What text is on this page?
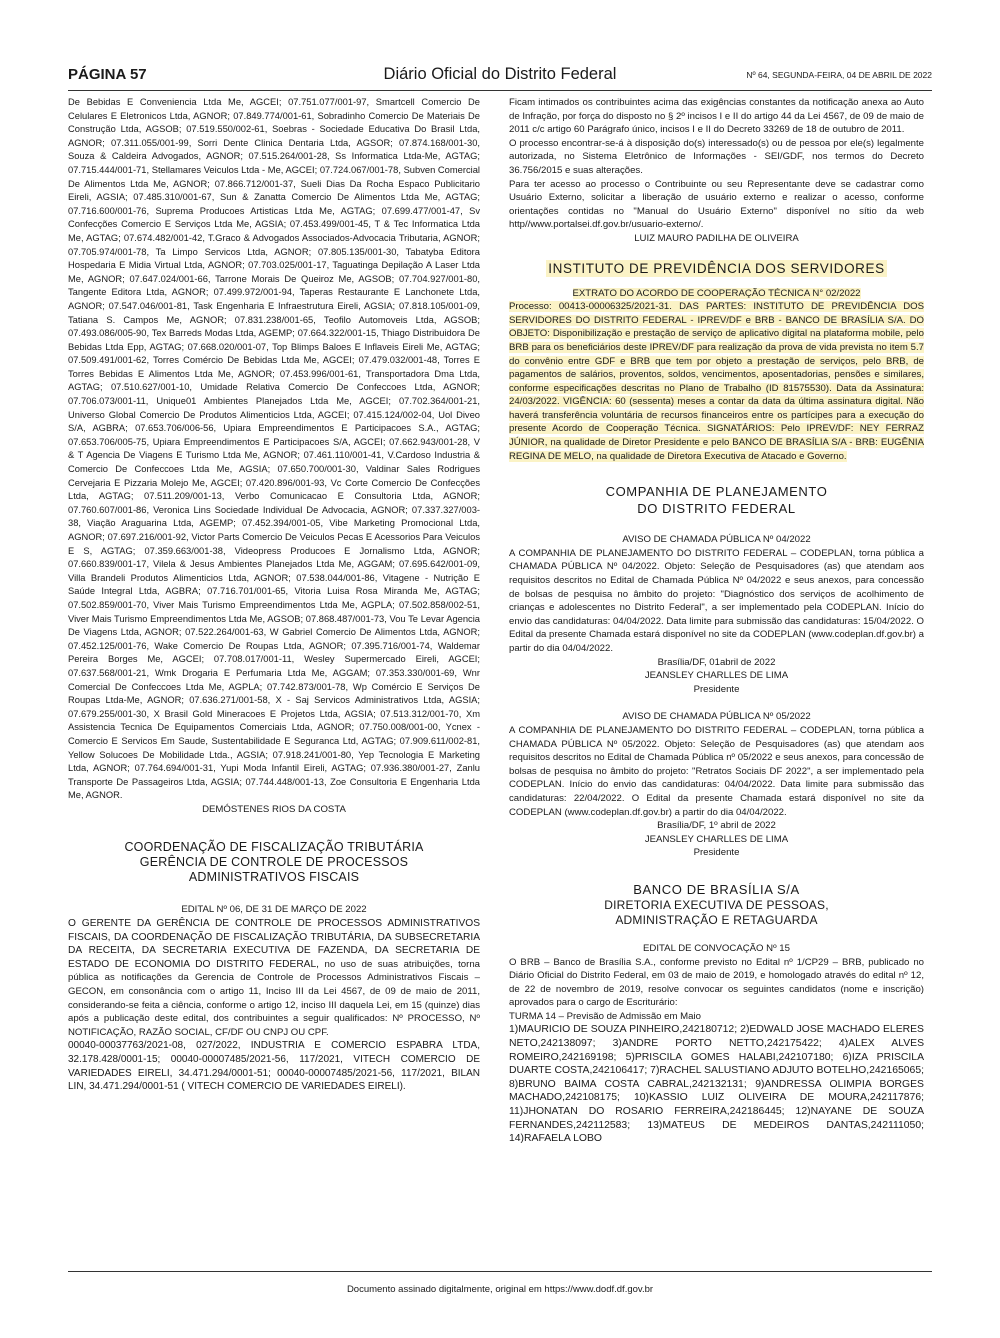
PÁGINA 57	Diário Oficial do Distrito Federal	Nº 64, SEGUNDA-FEIRA, 04 DE ABRIL DE 2022

De Bebidas E Conveniencia Ltda Me, AGCEI; 07.751.077/001-97, Smartcell Comercio De Celulares E Eletronicos Ltda, AGNOR; 07.849.774/001-61, Sobradinho Comercio De Materiais De Construção Ltda, AGSOB; 07.519.550/002-61, Soebras - Sociedade Educativa Do Brasil Ltda, AGNOR; 07.311.055/001-99, Sorri Dente Clinica Dentaria Ltda, AGSOR; 07.874.168/001-30, Souza & Caldeira Advogados, AGNOR; 07.515.264/001-28, Ss Informatica Ltda-Me, AGTAG; 07.715.444/001-71, Stellamares Veiculos Ltda - Me, AGCEI; 07.724.067/001-78, Subven Comercial De Alimentos Ltda Me, AGNOR; 07.866.712/001-37, Sueli Dias Da Rocha Espaco Publicitario Eireli, AGSIA; 07.485.310/001-67, Sun & Zanatta Comercio De Alimentos Ltda Me, AGTAG; 07.716.600/001-76, Suprema Producoes Artisticas Ltda Me, AGTAG; 07.699.477/001-47, Sv Confecções Comercio E Serviços Ltda Me, AGSIA; 07.453.499/001-45, T & Tec Informatica Ltda Me, AGTAG; 07.674.482/001-42, T.Graco & Advogados Associados-Advocacia Tributaria, AGNOR; 07.705.974/001-78, Ta Limpo Servicos Ltda, AGNOR; 07.805.135/001-30, Tabatyba Editora Hospedaria E Midia Virtual Ltda, AGNOR; 07.703.025/001-17, Taguatinga Depilação A Laser Ltda Me, AGNOR; 07.647.024/001-66, Tarrone Morais De Queiroz Me, AGSOB; 07.704.927/001-80, Tangente Editora Ltda, AGNOR; 07.499.972/001-94, Taperas Restaurante E Lanchonete Ltda, AGNOR; 07.547.046/001-81, Task Engenharia E Infraestrutura Eireli, AGSIA; 07.818.105/001-09, Tatiana S. Campos Me, AGNOR; 07.831.238/001-65, Teofilo Automoveis Ltda, AGSOB; 07.493.086/005-90, Tex Barreds Modas Ltda, AGEMP; 07.664.322/001-15, Thiago Distribuidora De Bebidas Ltda Epp, AGTAG; 07.668.020/001-07, Top Blimps Baloes E Inflaveis Eireli Me, AGTAG; 07.509.491/001-62, Torres Comércio De Bebidas Ltda Me, AGCEI; 07.479.032/001-48, Torres E Torres Bebidas E Alimentos Ltda Me, AGNOR; 07.453.996/001-61, Transportadora Dma Ltda, AGTAG; 07.510.627/001-10, Umidade Relativa Comercio De Confeccoes Ltda, AGNOR; 07.706.073/001-11, Unique01 Ambientes Planejados Ltda Me, AGCEI; 07.702.364/001-21, Universo Global Comercio De Produtos Alimenticios Ltda, AGCEI; 07.415.124/002-04, Uol Diveo S/A, AGBRA; 07.653.706/006-56, Upiara Empreendimentos E Participacoes S.A., AGTAG; 07.653.706/005-75, Upiara Empreendimentos E Participacoes S/A, AGCEI; 07.662.943/001-28, V & T Agencia De Viagens E Turismo Ltda Me, AGNOR; 07.461.110/001-41, V.Cardoso Industria & Comercio De Confeccoes Ltda Me, AGSIA; 07.650.700/001-30, Valdinar Sales Rodrigues Cervejaria E Pizzaria Molejo Me, AGCEI; 07.420.896/001-93, Vc Corte Comercio De Confecções Ltda, AGTAG; 07.511.209/001-13, Verbo Comunicacao E Consultoria Ltda, AGNOR; 07.760.607/001-86, Veronica Lins Sociedade Individual De Advocacia, AGNOR; 07.337.327/003-38, Viação Araguarina Ltda, AGEMP; 07.452.394/001-05, Vibe Marketing Promocional Ltda, AGNOR; 07.697.216/001-92, Victor Parts Comercio De Veiculos Pecas E Acessorios Para Veiculos E S, AGTAG; 07.359.663/001-38, Videopress Producoes E Jornalismo Ltda, AGNOR; 07.660.839/001-17, Vilela & Jesus Ambientes Planejados Ltda Me, AGGAM; 07.695.642/001-09, Villa Brandeli Produtos Alimenticios Ltda, AGNOR; 07.538.044/001-86, Vitagene - Nutrição E Saúde Integral Ltda, AGBRA; 07.716.701/001-65, Vitoria Luisa Rosa Miranda Me, AGTAG; 07.502.859/001-70, Viver Mais Turismo Empreendimentos Ltda Me, AGPLA; 07.502.858/002-51, Viver Mais Turismo Empreendimentos Ltda Me, AGSOB; 07.868.487/001-73, Vou Te Levar Agencia De Viagens Ltda, AGNOR; 07.522.264/001-63, W Gabriel Comercio De Alimentos Ltda, AGNOR; 07.452.125/001-76, Wake Comercio De Roupas Ltda, AGNOR; 07.395.716/001-74, Waldemar Pereira Borges Me, AGCEI; 07.708.017/001-11, Wesley Supermercado Eireli, AGCEI; 07.637.568/001-21, Wmk Drogaria E Perfumaria Ltda Me, AGGAM; 07.353.330/001-69, Wnr Comercial De Confeccoes Ltda Me, AGPLA; 07.742.873/001-78, Wp Comércio E Serviços De Roupas Ltda-Me, AGNOR; 07.636.271/001-58, X - Saj Servicos Administrativos Ltda, AGSIA; 07.679.255/001-30, X Brasil Gold Mineracoes E Projetos Ltda, AGSIA; 07.513.312/001-70, Xm Assistencia Tecnica De Equipamentos Comerciais Ltda, AGNOR; 07.750.008/001-00, Ycnex - Comercio E Servicos Em Saude, Sustentabilidade E Seguranca Ltd, AGTAG; 07.909.611/002-81, Yellow Solucoes De Mobilidade Ltda., AGSIA; 07.918.241/001-80, Yep Tecnologia E Marketing Ltda, AGNOR; 07.764.694/001-31, Yupi Moda Infantil Eireli, AGTAG; 07.936.380/001-27, Zanlu Transporte De Passageiros Ltda, AGSIA; 07.744.448/001-13, Zoe Consultoria E Engenharia Ltda Me, AGNOR.

DEMÓSTENES RIOS DA COSTA

COORDENAÇÃO DE FISCALIZAÇÃO TRIBUTÁRIA
GERÊNCIA DE CONTROLE DE PROCESSOS
ADMINISTRATIVOS FISCAIS

EDITAL Nº 06, DE 31 DE MARÇO DE 2022

O GERENTE DA GERÊNCIA DE CONTROLE DE PROCESSOS ADMINISTRATIVOS FISCAIS, DA COORDENAÇÃO DE FISCALIZAÇÃO TRIBUTÁRIA, DA SUBSECRETARIA DA RECEITA, DA SECRETARIA EXECUTIVA DE FAZENDA, DA SECRETARIA DE ESTADO DE ECONOMIA DO DISTRITO FEDERAL, no uso de suas atribuições, torna pública as notificações da Gerencia de Controle de Processos Administrativos Fiscais – GECON, em consonância com o artigo 11, Inciso III da Lei 4567, de 09 de maio de 2011, considerando-se feita a ciência, conforme o artigo 12, inciso III daquela Lei, em 15 (quinze) dias após a publicação deste edital, dos contribuintes a seguir qualificados: Nº PROCESSO, Nº NOTIFICAÇÃO, RAZÃO SOCIAL, CF/DF OU CNPJ OU CPF.

00040-00037763/2021-08, 027/2022, INDUSTRIA E COMERCIO ESPABRA LTDA, 32.178.428/0001-15; 00040-00007485/2021-56, 117/2021, VITECH COMERCIO DE VARIEDADES EIRELI, 34.471.294/0001-51; 00040-00007485/2021-56, 117/2021, BILAN LIN, 34.471.294/0001-51 ( VITECH COMERCIO DE VARIEDADES EIRELI).

Ficam intimados os contribuintes acima das exigências constantes da notificação anexa ao Auto de Infração, por força do disposto no § 2º incisos I e II do artigo 44 da Lei 4567, de 09 de maio de 2011 c/c artigo 60 Parágrafo único, incisos I e II do Decreto 33269 de 18 de outubro de 2011.

O processo encontrar-se-á à disposição do(s) interessado(s) ou de pessoa por ele(s) legalmente autorizada, no Sistema Eletrônico de Informações - SEI/GDF, nos termos do Decreto 36.756/2015 e suas alterações.

Para ter acesso ao processo o Contribuinte ou seu Representante deve se cadastrar como Usuário Externo, solicitar a liberação de usuário externo e realizar o acesso, conforme orientações contidas no "Manual do Usuário Externo" disponível no sítio da web http//www.portalsei.df.gov.br/usuario-externo/.

LUIZ MAURO PADILHA DE OLIVEIRA

INSTITUTO DE PREVIDÊNCIA DOS SERVIDORES

EXTRATO DO ACORDO DE COOPERAÇÃO TÉCNICA N° 02/2022

Processo: 00413-00006325/2021-31. DAS PARTES: INSTITUTO DE PREVIDÊNCIA DOS SERVIDORES DO DISTRITO FEDERAL - IPREV/DF e BRB - BANCO DE BRASÍLIA S/A. DO OBJETO: Disponibilização e prestação de serviço de aplicativo digital na plataforma mobile, pelo BRB para os beneficiários deste IPREV/DF para realização da prova de vida prevista no item 5.7 do convênio entre GDF e BRB que tem por objeto a prestação de serviços, pelo BRB, de pagamentos de salários, proventos, soldos, vencimentos, aposentadorias, pensões e similares, conforme especificações descritas no Plano de Trabalho (ID 81575530). Data da Assinatura: 24/03/2022. VIGÊNCIA: 60 (sessenta) meses a contar da data da última assinatura digital. Não haverá transferência voluntária de recursos financeiros entre os partícipes para a execução do presente Acordo de Cooperação Técnica. SIGNATÁRIOS: Pelo IPREV/DF: NEY FERRAZ JÚNIOR, na qualidade de Diretor Presidente e pelo BANCO DE BRASÍLIA S/A - BRB: EUGÊNIA REGINA DE MELO, na qualidade de Diretora Executiva de Atacado e Governo.

COMPANHIA DE PLANEJAMENTO
DO DISTRITO FEDERAL

AVISO DE CHAMADA PÚBLICA Nº 04/2022

A COMPANHIA DE PLANEJAMENTO DO DISTRITO FEDERAL – CODEPLAN, torna pública a CHAMADA PÚBLICA Nº 04/2022. Objeto: Seleção de Pesquisadores (as) que atendam aos requisitos descritos no Edital de Chamada Pública Nº 04/2022 e seus anexos, para concessão de bolsas de pesquisa no âmbito do projeto: "Diagnóstico dos serviços de acolhimento de crianças e adolescentes no Distrito Federal", a ser implementado pela CODEPLAN. Início do envio das candidaturas: 04/04/2022. Data limite para submissão das candidaturas: 15/04/2022. O Edital da presente Chamada estará disponível no site da CODEPLAN (www.codeplan.df.gov.br) a partir do dia 04/04/2022.

Brasília/DF, 01abril de 2022

JEANSLEY CHARLLES DE LIMA

Presidente

AVISO DE CHAMADA PÚBLICA Nº 05/2022

A COMPANHIA DE PLANEJAMENTO DO DISTRITO FEDERAL – CODEPLAN, torna pública a CHAMADA PÚBLICA Nº 05/2022. Objeto: Seleção de Pesquisadores (as) que atendam aos requisitos descritos no Edital de Chamada Pública nº 05/2022 e seus anexos, para concessão de bolsas de pesquisa no âmbito do projeto: "Retratos Sociais DF 2022", a ser implementado pela CODEPLAN. Início do envio das candidaturas: 04/04/2022. Data limite para submissão das candidaturas: 22/04/2022. O Edital da presente Chamada estará disponível no site da CODEPLAN (www.codeplan.df.gov.br) a partir do dia 04/04/2022.

Brasília/DF, 1º abril de 2022

JEANSLEY CHARLLES DE LIMA

Presidente

BANCO DE BRASÍLIA S/A
DIRETORIA EXECUTIVA DE PESSOAS,
ADMINISTRAÇÃO E RETAGUARDA

EDITAL DE CONVOCAÇÃO Nº 15

O BRB – Banco de Brasília S.A., conforme previsto no Edital nº 1/CP29 – BRB, publicado no Diário Oficial do Distrito Federal, em 03 de maio de 2019, e homologado através do edital nº 12, de 22 de novembro de 2019, resolve convocar os seguintes candidatos (nome e inscrição) aprovados para o cargo de Escriturário:

TURMA 14 – Previsão de Admissão em Maio

1)MAURICIO DE SOUZA PINHEIRO,242180712; 2)EDWALD JOSE MACHADO ELERES NETO,242138097; 3)ANDRE PORTO NETTO,242175422; 4)ALEX ALVES ROMEIRO,242169198; 5)PRISCILA GOMES HALABI,242107180; 6)IZA PRISCILA DUARTE COSTA,242106417; 7)RACHEL SALUSTIANO ADJUTO BOTELHO,242165065; 8)BRUNO BAIMA COSTA CABRAL,242132131; 9)ANDRESSA OLIMPIA BORGES MACHADO,242108175; 10)KASSIO LUIZ OLIVEIRA DE MOURA,242117876; 11)JHONATAN DO ROSARIO FERREIRA,242186445; 12)NAYANE DE SOUZA FERNANDES,242112583; 13)MATEUS DE MEDEIROS DANTAS,242111050; 14)RAFAELA LOBO

Documento assinado digitalmente, original em https://www.dodf.df.gov.br
